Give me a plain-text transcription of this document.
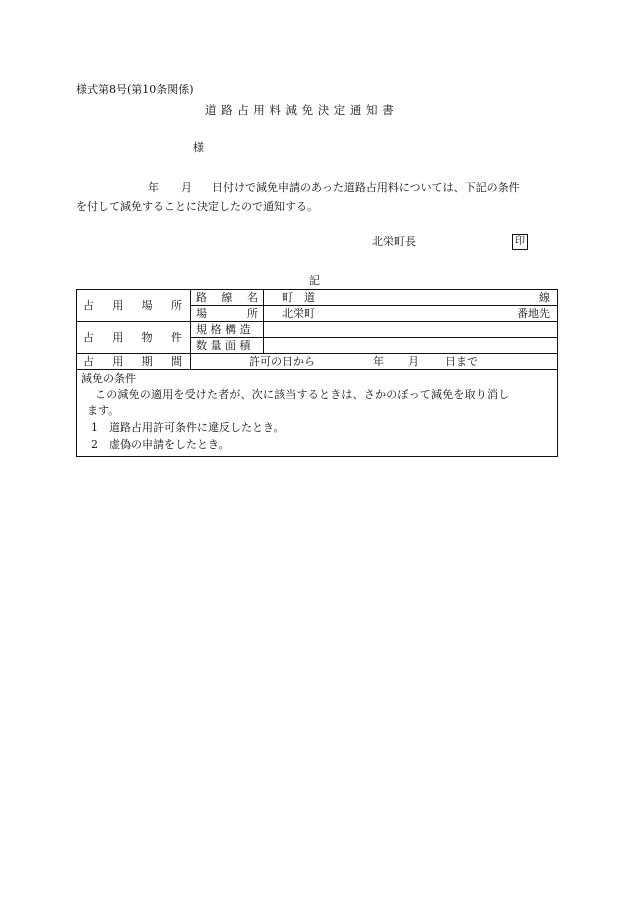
様式第8号(第10条関係)
道路占用料減免決定通知書
様
年 月 日付けで減免申請のあった道路占用料については、下記の条件
を付して減免することに決定したので通知する。
北栄町長	印
記
占 用 場 所	路 線 名	町　道 線

	場 所	北栄町 番地先

占 用 物 件	規 格 構 造	
	数 量 面 積	

占 用 期 間	許可の日から 年 月 日まで	

減免の条件
この減免の適用を受けた者が、次に該当するときは、さかのぼって減免を取り消し
ます。
1 道路占用許可条件に違反したとき。
2 虚偽の申請をしたとき。		
